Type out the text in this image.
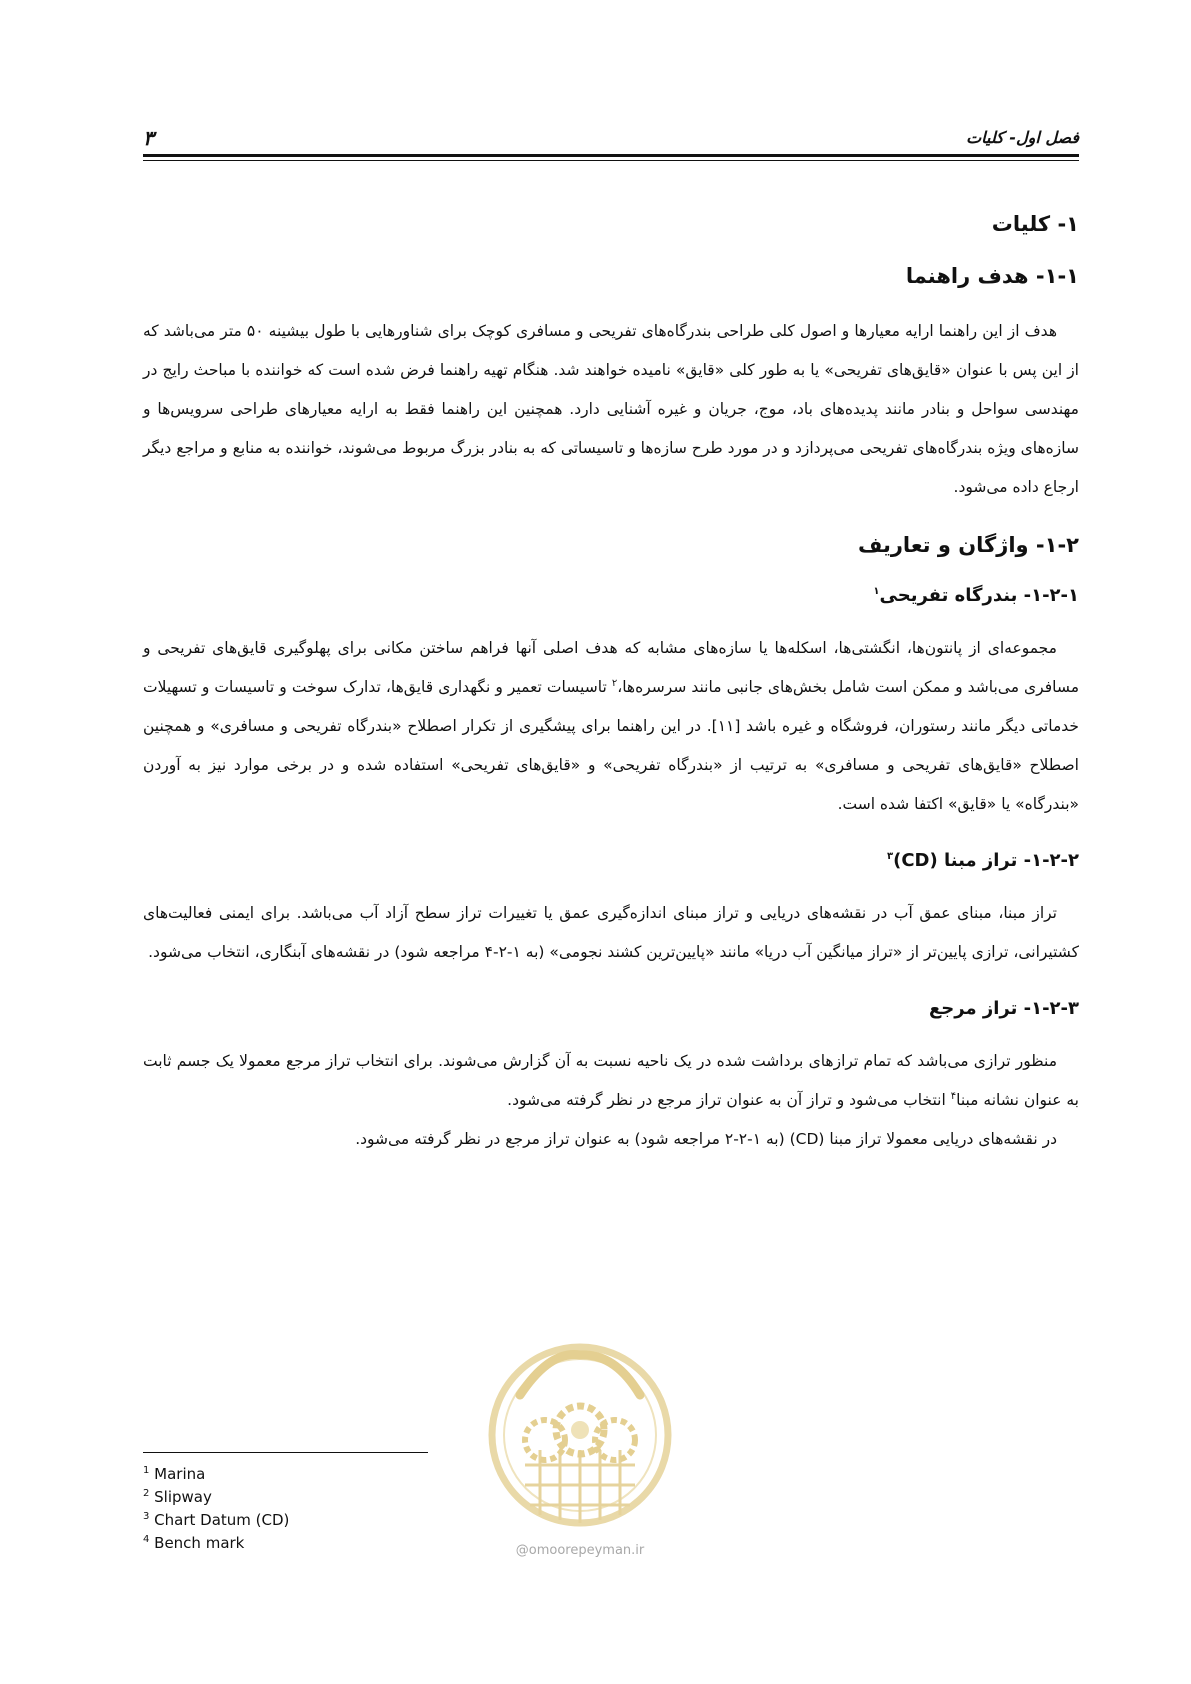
فصل اول- کلیات
۳
۱- کلیات
۱-۱- هدف راهنما

هدف از این راهنما ارایه معیارها و اصول کلی طراحی بندرگاه‌های تفریحی و مسافری کوچک برای شناورهایی با طول بیشینه ۵۰ متر می‌باشد که از این پس با عنوان «قایق‌های تفریحی» یا به طور کلی «قایق» نامیده خواهند شد. هنگام تهیه راهنما فرض شده است که خواننده با مباحث رایج در مهندسی سواحل و بنادر مانند پدیده‌های باد، موج، جریان و غیره آشنایی دارد. همچنین این راهنما فقط به ارایه معیارهای طراحی سرویس‌ها و سازه‌های ویژه بندرگاه‌های تفریحی می‌پردازد و در مورد طرح سازه‌ها و تاسیساتی که به بنادر بزرگ مربوط می‌شوند، خواننده به منابع و مراجع دیگر ارجاع داده می‌شود.

۱-۲- واژگان و تعاریف
۱-۲-۱- بندرگاه تفریحی$^۱$

مجموعه‌ای از پانتون‌ها، انگشتی‌ها، اسکله‌ها یا سازه‌های مشابه که هدف اصلی آنها فراهم ساختن مکانی برای پهلوگیری قایق‌های تفریحی و مسافری می‌باشد و ممکن است شامل بخش‌های جانبی مانند سرسره‌ها،$^۲$ تاسیسات تعمیر و نگهداری قایق‌ها، تدارک سوخت و تاسیسات و تسهیلات خدماتی دیگر مانند رستوران، فروشگاه و غیره باشد [۱۱]. در این راهنما برای پیشگیری از تکرار اصطلاح «بندرگاه تفریحی و مسافری» و همچنین اصطلاح «قایق‌های تفریحی و مسافری» به ترتیب از «بندرگاه تفریحی» و «قایق‌های تفریحی» استفاده شده و در برخی موارد نیز به آوردن «بندرگاه» یا «قایق» اکتفا شده است.

۱-۲-۲- تراز مبنا (CD)$^۳$

تراز مبنا، مبنای عمق آب در نقشه‌های دریایی و تراز مبنای اندازه‌گیری عمق یا تغییرات تراز سطح آزاد آب می‌باشد. برای ایمنی فعالیت‌های کشتیرانی، ترازی پایین‌تر از «تراز میانگین آب دریا» مانند «پایین‌ترین کشند نجومی» (به ۱-۲-۴ مراجعه شود) در نقشه‌های آبنگاری، انتخاب می‌شود.

۱-۲-۳- تراز مرجع

منظور ترازی می‌باشد که تمام ترازهای برداشت شده در یک ناحیه نسبت به آن گزارش می‌شوند. برای انتخاب تراز مرجع معمولا یک جسم ثابت به عنوان نشانه مبنا$^۴$ انتخاب می‌شود و تراز آن به عنوان تراز مرجع در نظر گرفته می‌شود.

در نقشه‌های دریایی معمولا تراز مبنا (CD) (به ۱-۲-۲ مراجعه شود) به عنوان تراز مرجع در نظر گرفته می‌شود.

@omoorepeyman.ir
$^1$ Marina
$^2$ Slipway
$^3$ Chart Datum (CD)
$^4$ Bench mark
